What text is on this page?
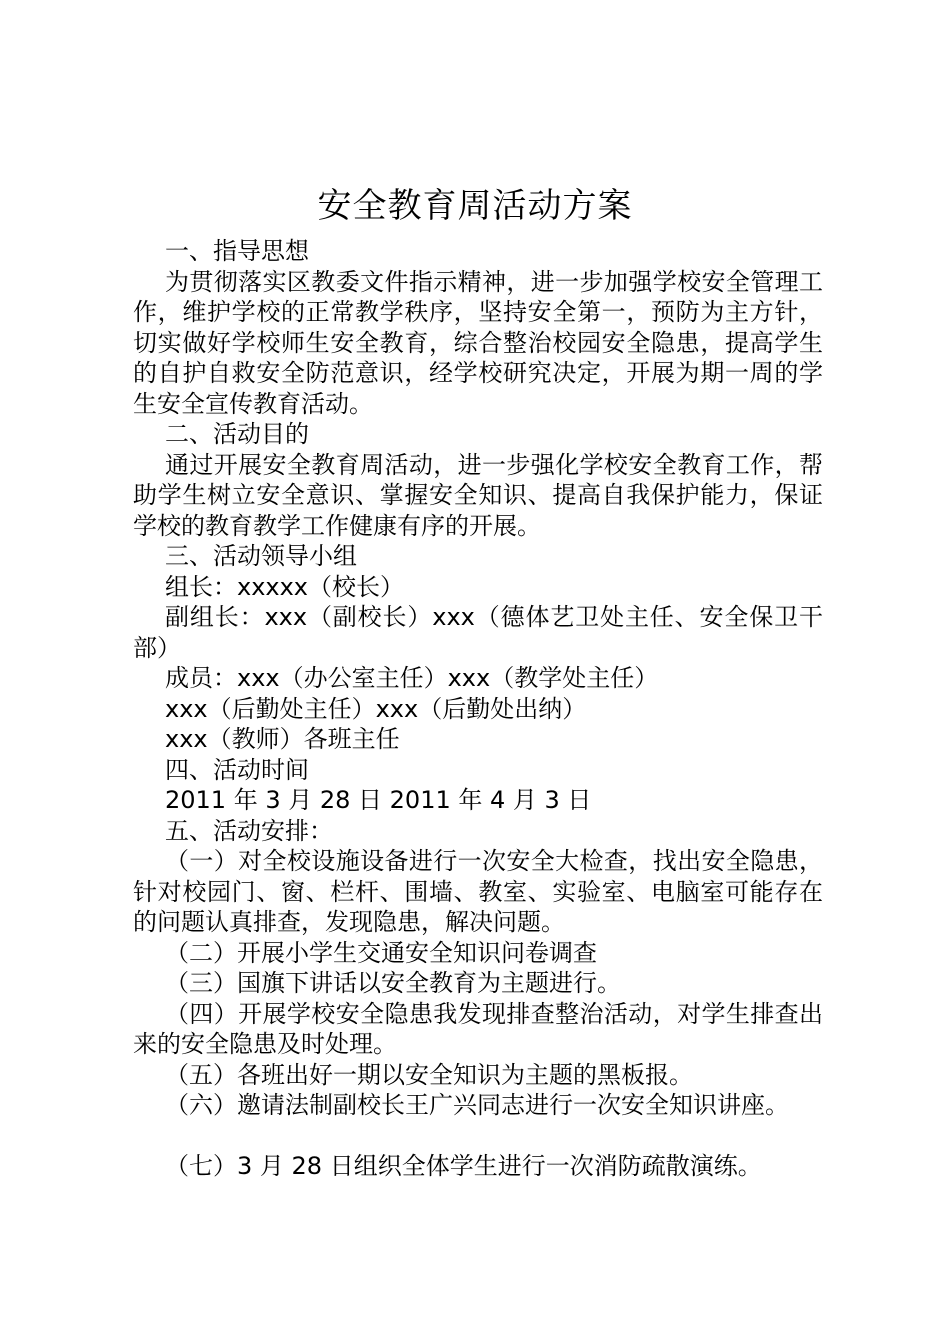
安全教育周活动方案

一、指导思想

为贯彻落实区教委文件指示精神，进一步加强学校安全管理工作，维护学校的正常教学秩序，坚持安全第一，预防为主方针，切实做好学校师生安全教育，综合整治校园安全隐患，提高学生的自护自救安全防范意识，经学校研究决定，开展为期一周的学生安全宣传教育活动。

二、活动目的

通过开展安全教育周活动，进一步强化学校安全教育工作，帮助学生树立安全意识、掌握安全知识、提高自我保护能力，保证学校的教育教学工作健康有序的开展。

三、活动领导小组

组长：xxxxx（校长）

副组长：xxx（副校长）xxx（德体艺卫处主任、安全保卫干部）

成员：xxx（办公室主任）xxx（教学处主任）

xxx（后勤处主任）xxx（后勤处出纳）

xxx（教师）各班主任

四、活动时间

2011 年 3 月 28 日 2011 年 4 月 3 日

五、活动安排：

（一）对全校设施设备进行一次安全大检查，找出安全隐患，针对校园门、窗、栏杆、围墙、教室、实验室、电脑室可能存在的问题认真排查，发现隐患，解决问题。

（二）开展小学生交通安全知识问卷调查

（三）国旗下讲话以安全教育为主题进行。

（四）开展学校安全隐患我发现排查整治活动，对学生排查出来的安全隐患及时处理。

（五）各班出好一期以安全知识为主题的黑板报。

（六）邀请法制副校长王广兴同志进行一次安全知识讲座。

（七）3 月 28 日组织全体学生进行一次消防疏散演练。
